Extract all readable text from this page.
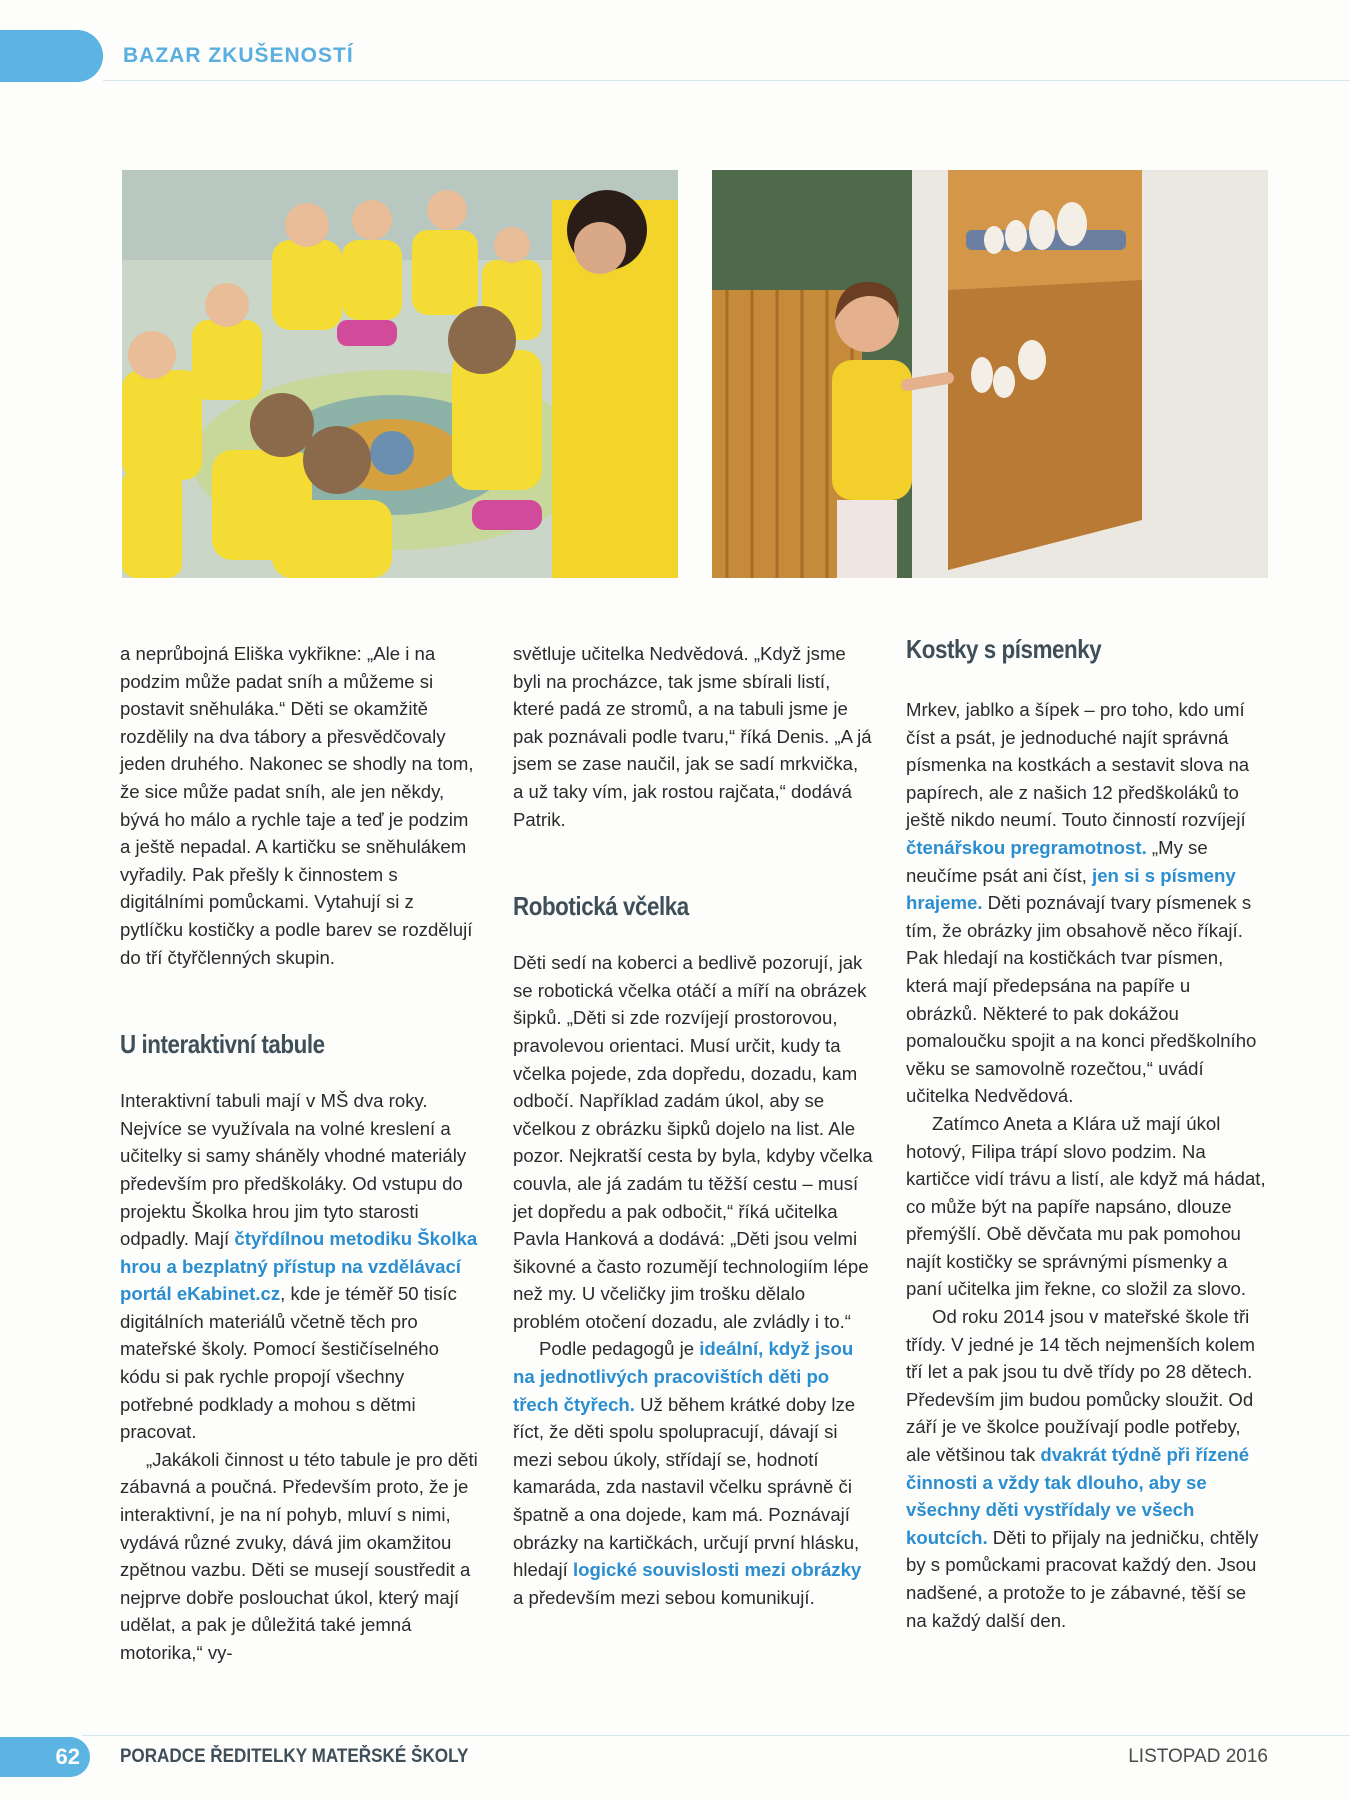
BAZAR ZKUŠENOSTÍ

a neprůbojná Eliška vykřikne: „Ale i na podzim může padat sníh a můžeme si postavit sněhuláka.“ Děti se okamžitě rozdělily na dva tábory a přesvědčovaly jeden druhého. Nakonec se shodly na tom, že sice může padat sníh, ale jen někdy, bývá ho málo a rychle taje a teď je podzim a ještě nepadal. A kartičku se sněhulákem vyřadily. Pak přešly k činnostem s digitálními pomůckami. Vytahují si z pytlíčku kostičky a podle barev se rozdělují do tří čtyřčlenných skupin.

U interaktivní tabule

Interaktivní tabuli mají v MŠ dva roky. Nejvíce se využívala na volné kreslení a učitelky si samy sháněly vhodné materiály především pro předškoláky. Od vstupu do projektu Školka hrou jim tyto starosti odpadly. Mají čtyřdílnou metodiku Školka hrou a bezplatný přístup na vzdělávací portál eKabinet.cz, kde je téměř 50 tisíc digitálních materiálů včetně těch pro mateřské školy. Pomocí šestičíselného kódu si pak rychle propojí všechny potřebné podklady a mohou s dětmi pracovat.

„Jakákoli činnost u této tabule je pro děti zábavná a poučná. Především proto, že je interaktivní, je na ní pohyb, mluví s nimi, vydává různé zvuky, dává jim okamžitou zpětnou vazbu. Děti se musejí soustředit a nejprve dobře poslouchat úkol, který mají udělat, a pak je důležitá také jemná motorika,“ vy-

světluje učitelka Nedvědová. „Když jsme byli na procházce, tak jsme sbírali listí, které padá ze stromů, a na tabuli jsme je pak poznávali podle tvaru,“ říká Denis. „A já jsem se zase naučil, jak se sadí mrkvička, a už taky vím, jak rostou rajčata,“ dodává Patrik.

Robotická včelka

Děti sedí na koberci a bedlivě pozorují, jak se robotická včelka otáčí a míří na obrázek šipků. „Děti si zde rozvíjejí prostorovou, pravolevou orientaci. Musí určit, kudy ta včelka pojede, zda dopředu, dozadu, kam odbočí. Například zadám úkol, aby se včelkou z obrázku šipků dojelo na list. Ale pozor. Nejkratší cesta by byla, kdyby včelka couvla, ale já zadám tu těžší cestu – musí jet dopředu a pak odbočit,“ říká učitelka Pavla Hanková a dodává: „Děti jsou velmi šikovné a často rozumějí technologiím lépe než my. U včeličky jim trošku dělalo problém otočení dozadu, ale zvládly i to.“

Podle pedagogů je ideální, když jsou na jednotlivých pracovištích děti po třech čtyřech. Už během krátké doby lze říct, že děti spolu spolupracují, dávají si mezi sebou úkoly, střídají se, hodnotí kamaráda, zda nastavil včelku správně či špatně a ona dojede, kam má. Poznávají obrázky na kartičkách, určují první hlásku, hledají logické souvislosti mezi obrázky a především mezi sebou komunikují.

Kostky s písmenky

Mrkev, jablko a šípek – pro toho, kdo umí číst a psát, je jednoduché najít správná písmenka na kostkách a sestavit slova na papírech, ale z našich 12 předškoláků to ještě nikdo neumí. Touto činností rozvíjejí čtenářskou pregramotnost. „My se neučíme psát ani číst, jen si s písmeny hrajeme. Děti poznávají tvary písmenek s tím, že obrázky jim obsahově něco říkají. Pak hledají na kostičkách tvar písmen, která mají předepsána na papíře u obrázků. Některé to pak dokážou pomaloučku spojit a na konci předškolního věku se samovolně rozečtou,“ uvádí učitelka Nedvědová.

Zatímco Aneta a Klára už mají úkol hotový, Filipa trápí slovo podzim. Na kartičce vidí trávu a listí, ale když má hádat, co může být na papíře napsáno, dlouze přemýšlí. Obě děvčata mu pak pomohou najít kostičky se správnými písmenky a paní učitelka jim řekne, co složil za slovo.

Od roku 2014 jsou v mateřské škole tři třídy. V jedné je 14 těch nejmenších kolem tří let a pak jsou tu dvě třídy po 28 dětech. Především jim budou pomůcky sloužit. Od září je ve školce používají podle potřeby, ale většinou tak dvakrát týdně při řízené činnosti a vždy tak dlouho, aby se všechny děti vystřídaly ve všech koutcích. Děti to přijaly na jedničku, chtěly by s pomůckami pracovat každý den. Jsou nadšené, a protože to je zábavné, těší se na každý další den.

62	PORADCE ŘEDITELKY MATEŘSKÉ ŠKOLY	LISTOPAD 2016
